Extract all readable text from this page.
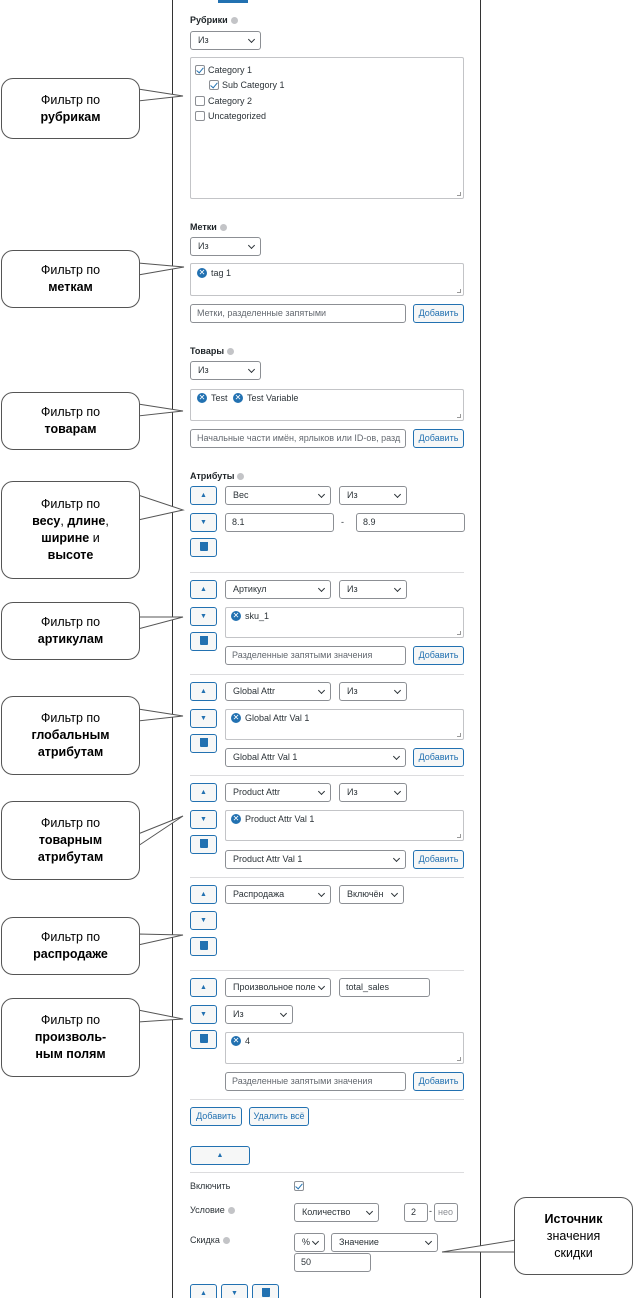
Рубрики
Из
Category 1
Sub Category 1
Category 2
Uncategorized
Метки
Из
✕ tag 1
Метки, разделенные запятыми	Добавить
Товары
Из
✕ Test ✕ Test Variable
Начальные части имён, ярлыков или ID-ов, разд	Добавить
Атрибуты
▲
▼
Вес	Из
8.1	-	8.9
▲
▼
Артикул	Из
✕ sku_1
Разделенные запятыми значения	Добавить
▲
▼
Global Attr	Из
✕ Global Attr Val 1
Global Attr Val 1	Добавить
▲
▼
Product Attr	Из
✕ Product Attr Val 1
Product Attr Val 1	Добавить
▲
▼
Распродажа	Включён
▲
▼
Произвольное поле	total_sales
Из
✕ 4
Разделенные запятыми значения	Добавить
Добавить	Удалить всё
▲
Включить
Условие	Количество	2	- нео
Скидка	%	Значение
50
▲	▼
Фильтр по
рубрикам
Фильтр по
меткам
Фильтр по
товарам
Фильтр по
весу, длине,
ширине и
высоте
Фильтр по
артикулам
Фильтр по
глобальным
атрибутам
Фильтр по
товарным
атрибутам
Фильтр по
распродаже
Фильтр по
произволь-
ным полям
Источник
значения
скидки
